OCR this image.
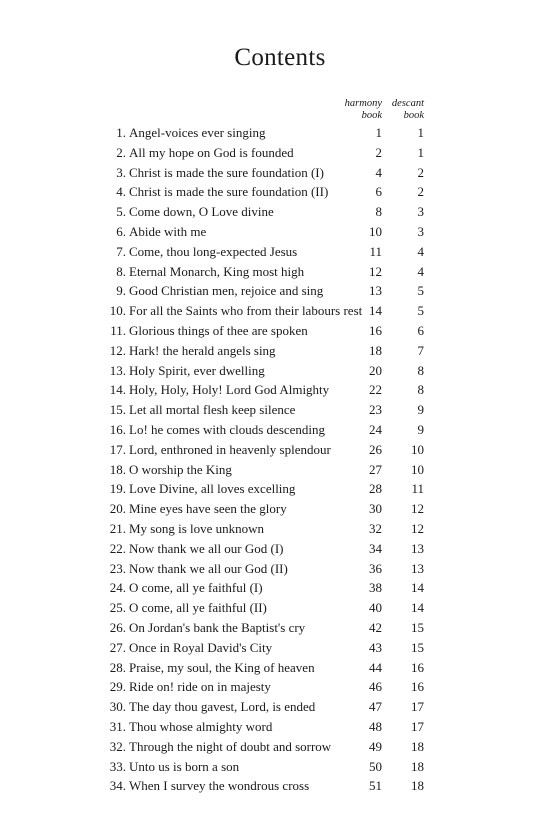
Contents
harmony
book
descant
book
1. Angel-voices ever singing	1	1
2. All my hope on God is founded	2	1
3. Christ is made the sure foundation (I)	4	2
4. Christ is made the sure foundation (II)	6	2
5. Come down, O Love divine	8	3
6. Abide with me	10	3
7. Come, thou long-expected Jesus	11	4
8. Eternal Monarch, King most high	12	4
9. Good Christian men, rejoice and sing	13	5
10. For all the Saints who from their labours rest 14	5
11. Glorious things of thee are spoken	16	6
12. Hark! the herald angels sing	18	7
13. Holy Spirit, ever dwelling	20	8
14. Holy, Holy, Holy! Lord God Almighty	22	8
15. Let all mortal flesh keep silence	23	9
16. Lo! he comes with clouds descending	24	9
17. Lord, enthroned in heavenly splendour	26	10
18. O worship the King	27	10
19. Love Divine, all loves excelling	28	11
20. Mine eyes have seen the glory	30	12
21. My song is love unknown	32	12
22. Now thank we all our God (I)	34	13
23. Now thank we all our God (II)	36	13
24. O come, all ye faithful (I)	38	14
25. O come, all ye faithful (II)	40	14
26. On Jordan's bank the Baptist's cry	42	15
27. Once in Royal David's City	43	15
28. Praise, my soul, the King of heaven	44	16
29. Ride on! ride on in majesty	46	16
30. The day thou gavest, Lord, is ended	47	17
31. Thou whose almighty word	48	17
32. Through the night of doubt and sorrow	49	18
33. Unto us is born a son	50	18
34. When I survey the wondrous cross	51	18
